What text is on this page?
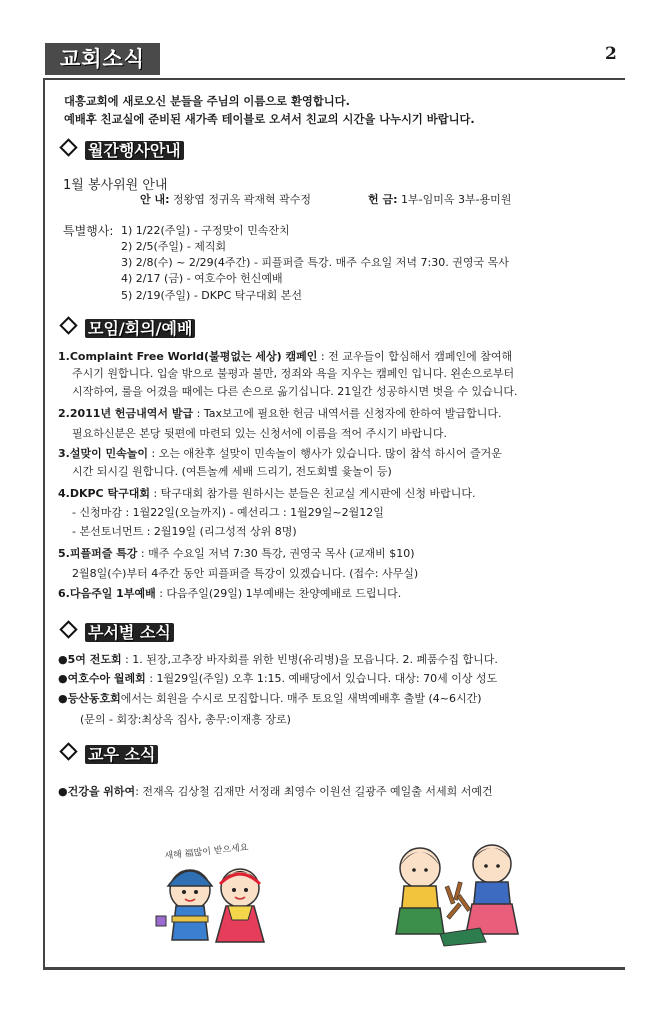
교회소식	2
대흥교회에 새로오신 분들을 주님의 이름으로 환영합니다.
예배후 친교실에 준비된 새가족 테이블로 오셔서 친교의 시간을 나누시기 바랍니다.
월간행사안내
1월 봉사위원 안내
안 내: 정왕엽 정귀옥 곽재혁 곽수정	헌 금: 1부-임미옥 3부-용미원
특별행사: 1) 1/22(주일) - 구정맞이 민속잔치
2) 2/5(주일) - 제직회
3) 2/8(수) ~ 2/29(4주간) - 피플퍼즐 특강. 매주 수요일 저녁 7:30. 권영국 목사
4) 2/17 (금) - 여호수아 헌신예배
5) 2/19(주일) - DKPC 탁구대회 본선
모임/회의/예배
1.Complaint Free World(불평없는 세상) 캠페인 : 전 교우들이 합심해서 캠페인에 참여해
주시기 원합니다. 입술 밖으로 불평과 불만, 정죄와 욕을 지우는 캠페인 입니다. 왼손으로부터
시작하여, 룰을 어겼을 때에는 다른 손으로 옮기십니다. 21일간 성공하시면 벗을 수 있습니다.
2.2011년 헌금내역서 발급 : Tax보고에 필요한 헌금 내역서를 신청자에 한하여 발급합니다.
필요하신분은 본당 뒷편에 마련되 있는 신청서에 이름을 적어 주시기 바랍니다.
3.설맞이 민속놀이 : 오는 애찬후 설맞이 민속놀이 행사가 있습니다. 많이 참석 하시어 즐거운
시간 되시길 원합니다. (여튼놀께 세배 드리기, 전도회별 윷놀이 등)
4.DKPC 탁구대회 : 탁구대회 참가를 원하시는 분들은 친교실 게시판에 신청 바랍니다.
- 신청마감 : 1월22일(오늘까지) - 예선리그 : 1월29일~2월12일
- 본선토너먼트 : 2월19일 (리그성적 상위 8명)
5.피플퍼즐 특강 : 매주 수요일 저녁 7:30 특강, 권영국 목사 (교재비 $10)
2월8일(수)부터 4주간 동안 피플퍼즐 특강이 있겠습니다. (접수: 사무실)
6.다음주일 1부예배 : 다음주일(29일) 1부예배는 찬양예배로 드립니다.
부서별 소식
●5여 전도회 : 1. 된장,고추장 바자회를 위한 빈병(유리병)을 모읍니다. 2. 폐품수집 합니다.
●여호수아 월례회 : 1월29일(주일) 오후 1:15. 예배당에서 있습니다. 대상: 70세 이상 성도
●등산동호회에서는 회원을 수시로 모집합니다. 매주 토요일 새벽예배후 출발 (4~6시간)
(문의 - 회장:최상옥 집사, 총무:이재흥 장로)
교우 소식
●건강을 위하여: 전재옥 김상철 김재만 서정래 최영수 이원선 길광주 예일출 서세희 서예건
새해 福많이 받으세요
